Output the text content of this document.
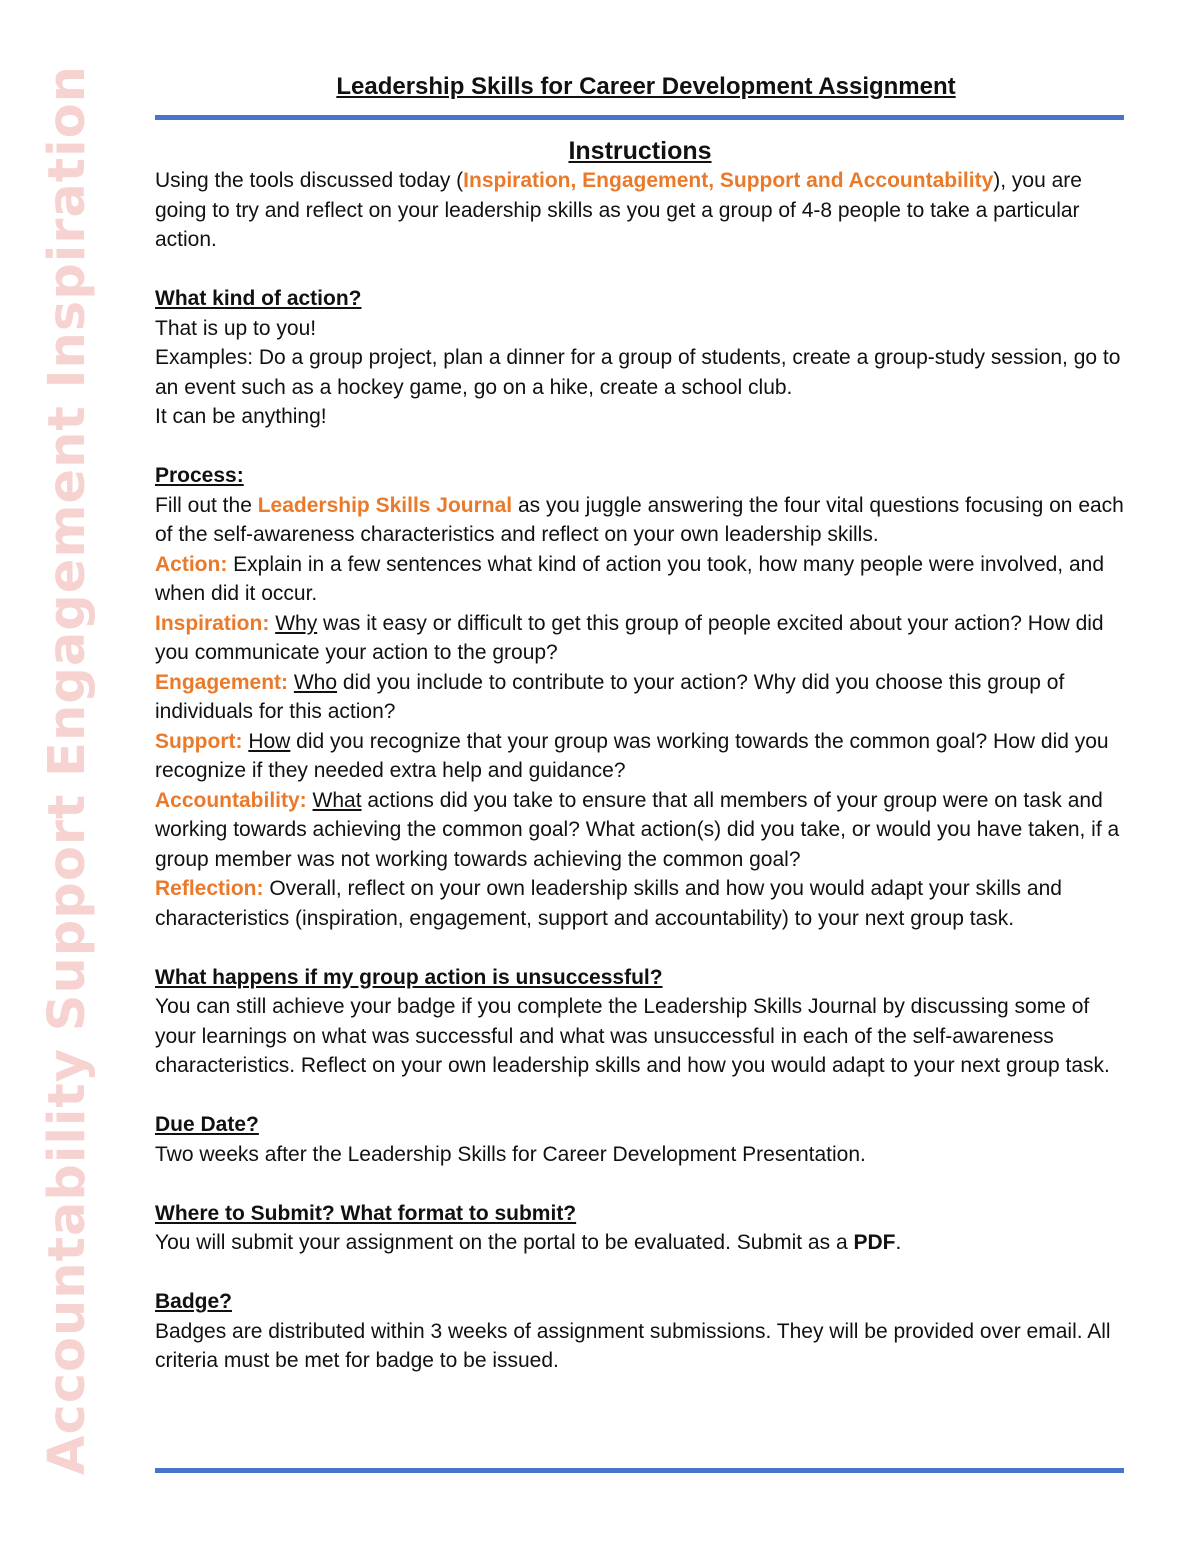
Accountability
Support
Engagement
Inspiration	Leadership Skills for Career Development Assignment
Instructions

Using the tools discussed today (Inspiration, Engagement, Support and Accountability), you are going to try and reflect on your leadership skills as you get a group of 4-8 people to take a particular action.

What kind of action?

That is up to you!

Examples: Do a group project, plan a dinner for a group of students, create a group-study session, go to an event such as a hockey game, go on a hike, create a school club.

It can be anything!

Process:

Fill out the Leadership Skills Journal as you juggle answering the four vital questions focusing on each of the self-awareness characteristics and reflect on your own leadership skills.

Action: Explain in a few sentences what kind of action you took, how many people were involved, and when did it occur.

Inspiration: Why was it easy or difficult to get this group of people excited about your action? How did you communicate your action to the group?

Engagement: Who did you include to contribute to your action? Why did you choose this group of individuals for this action?

Support: How did you recognize that your group was working towards the common goal? How did you recognize if they needed extra help and guidance?

Accountability: What actions did you take to ensure that all members of your group were on task and working towards achieving the common goal? What action(s) did you take, or would you have taken, if a group member was not working towards achieving the common goal?

Reflection: Overall, reflect on your own leadership skills and how you would adapt your skills and characteristics (inspiration, engagement, support and accountability) to your next group task.

What happens if my group action is unsuccessful?

You can still achieve your badge if you complete the Leadership Skills Journal by discussing some of your learnings on what was successful and what was unsuccessful in each of the self-awareness characteristics. Reflect on your own leadership skills and how you would adapt to your next group task.

Due Date?

Two weeks after the Leadership Skills for Career Development Presentation.

Where to Submit? What format to submit?

You will submit your assignment on the portal to be evaluated. Submit as a PDF.

Badge?

Badges are distributed within 3 weeks of assignment submissions. They will be provided over email. All criteria must be met for badge to be issued.
